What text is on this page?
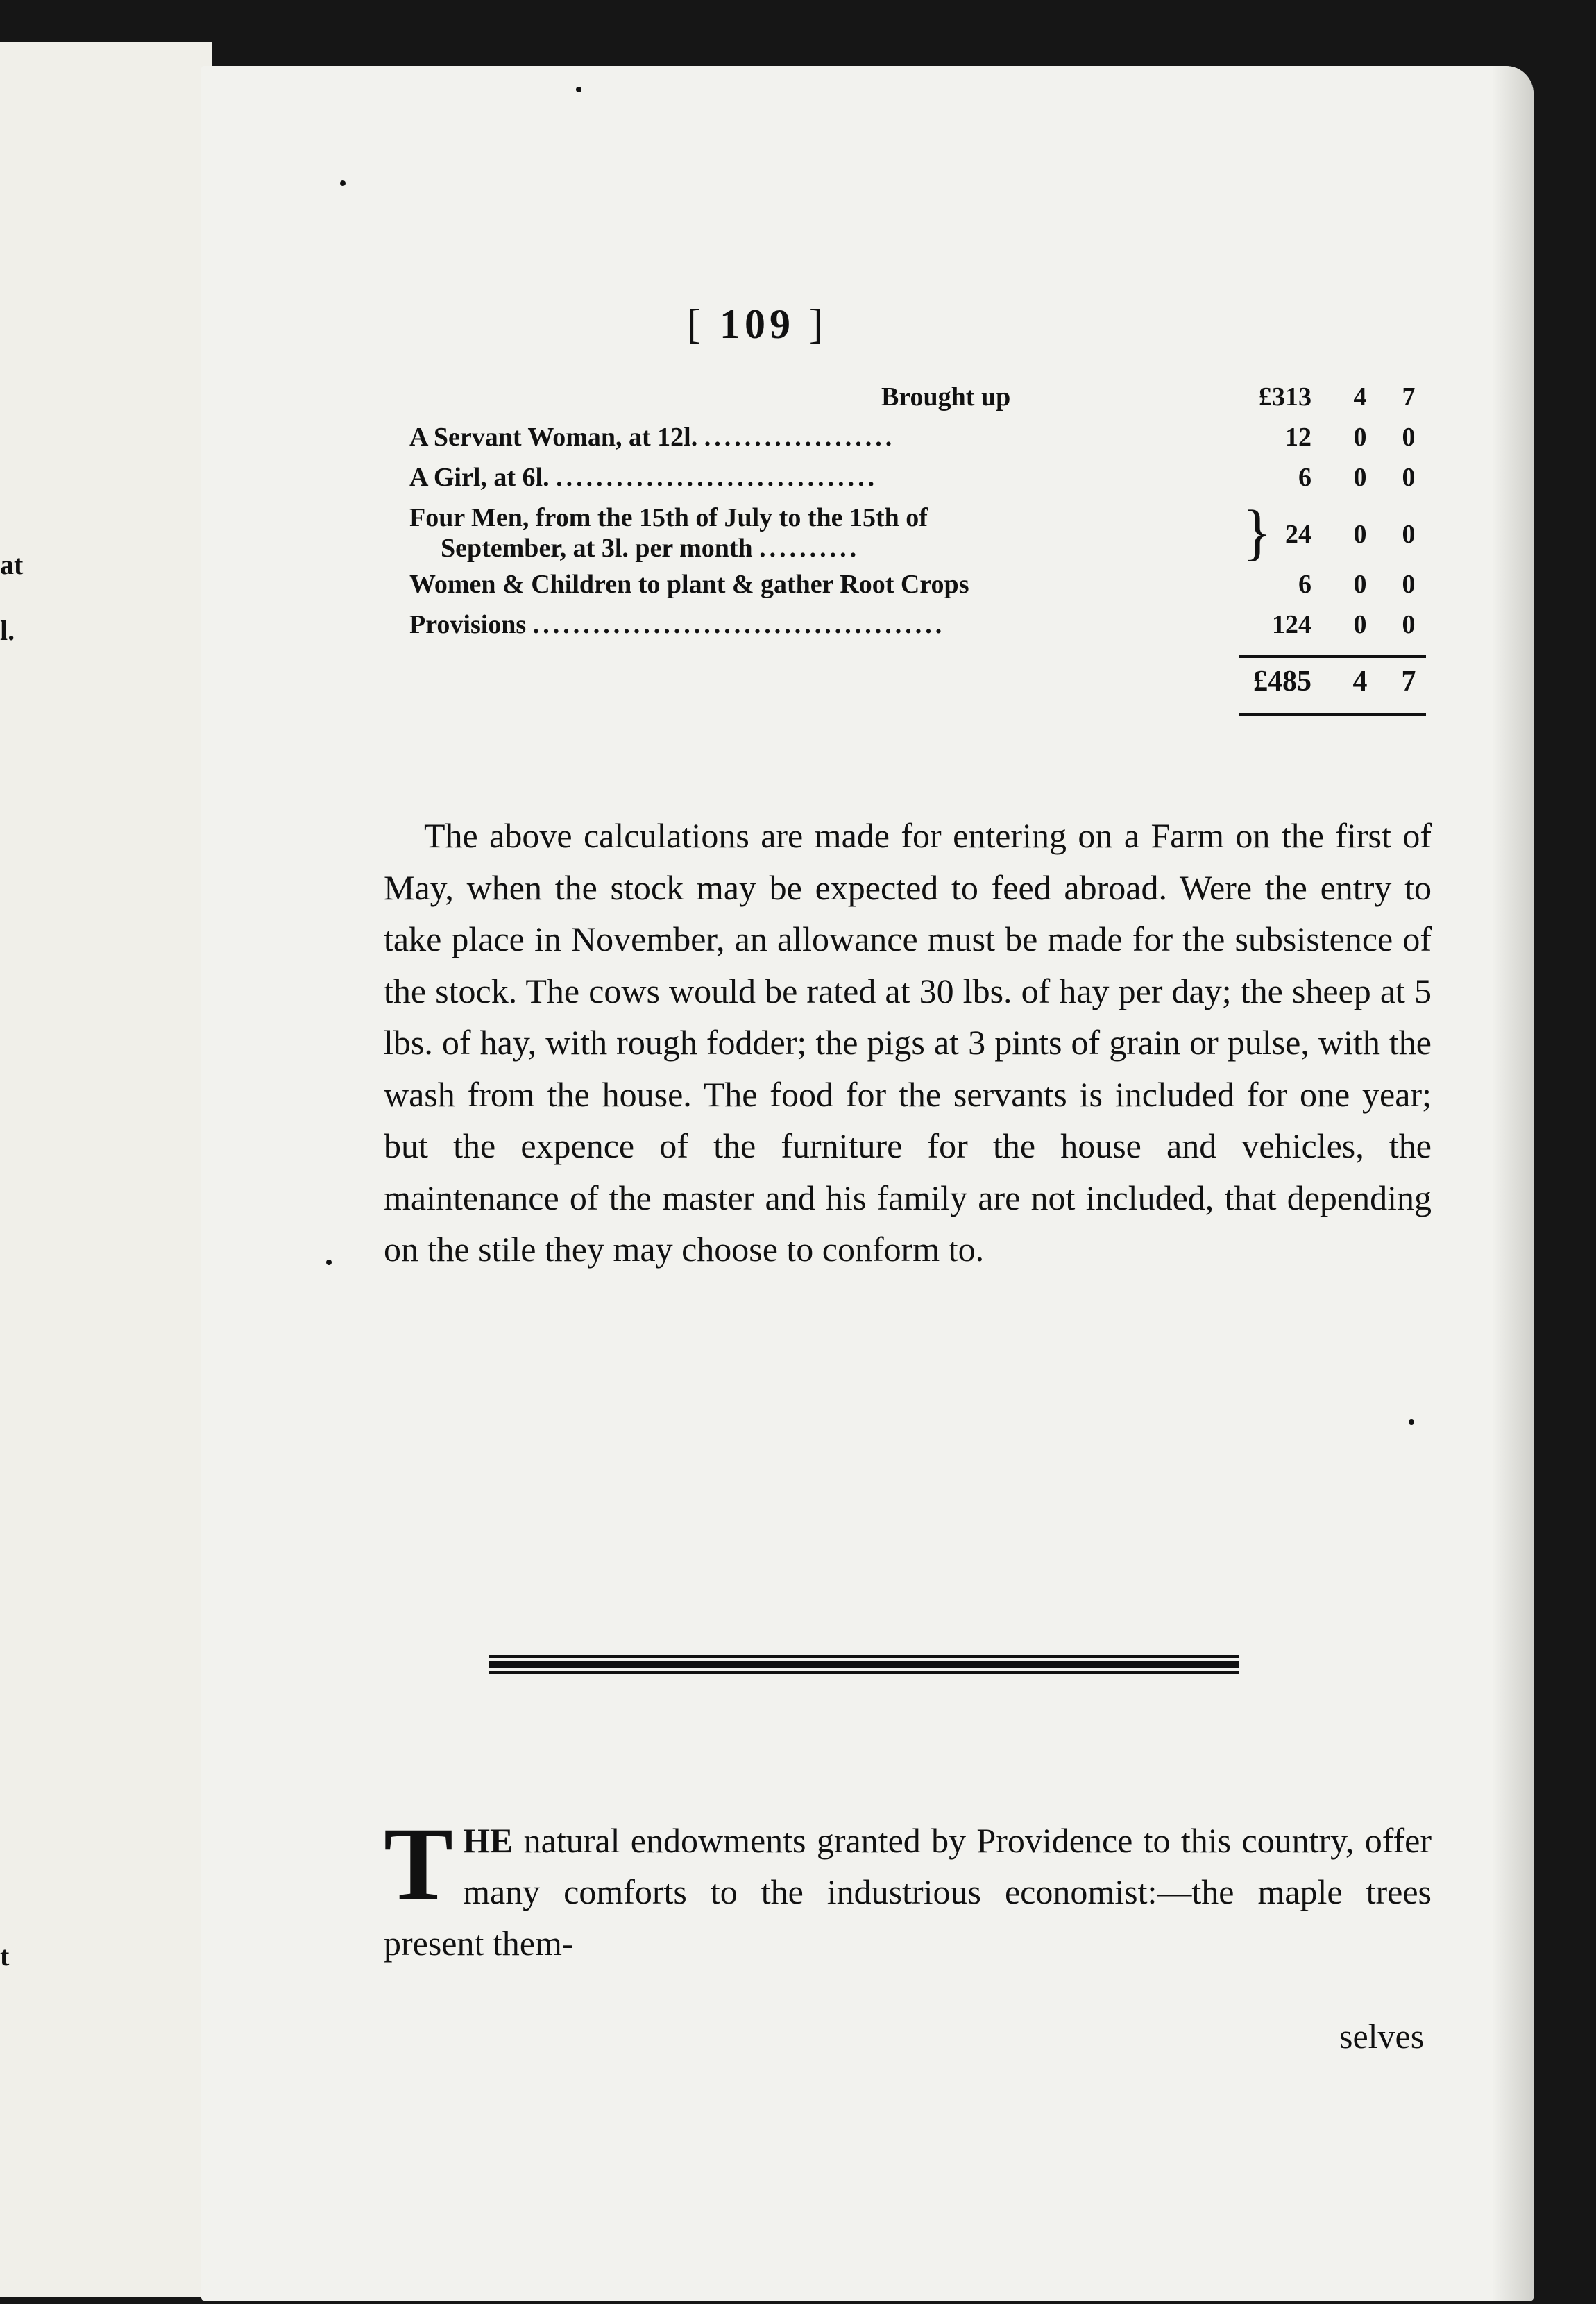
at
l.
t
[ 109 ]
Brought up	£313	4	7
A Servant Woman, at 12l. ...................	12	0	0
A Girl, at 6l. ................................	6	0	0
Four Men, from the 15th of July to the 15th of
September, at 3l. per month ..........	} 24	0	0
Women & Children to plant & gather Root Crops	6	0	0
Provisions .........................................	124	0	0
£485	4	7

The above calculations are made for entering on a Farm on the first of May, when the stock may be expected to feed abroad. Were the entry to take place in November, an allowance must be made for the subsistence of the stock. The cows would be rated at 30 lbs. of hay per day; the sheep at 5 lbs. of hay, with rough fodder; the pigs at 3 pints of grain or pulse, with the wash from the house. The food for the servants is included for one year; but the expence of the furniture for the house and vehicles, the maintenance of the master and his family are not included, that depending on the stile they may choose to conform to.

T HE natural endowments granted by Providence to this country, offer many comforts to the industrious economist:—the maple trees present them-
selves
